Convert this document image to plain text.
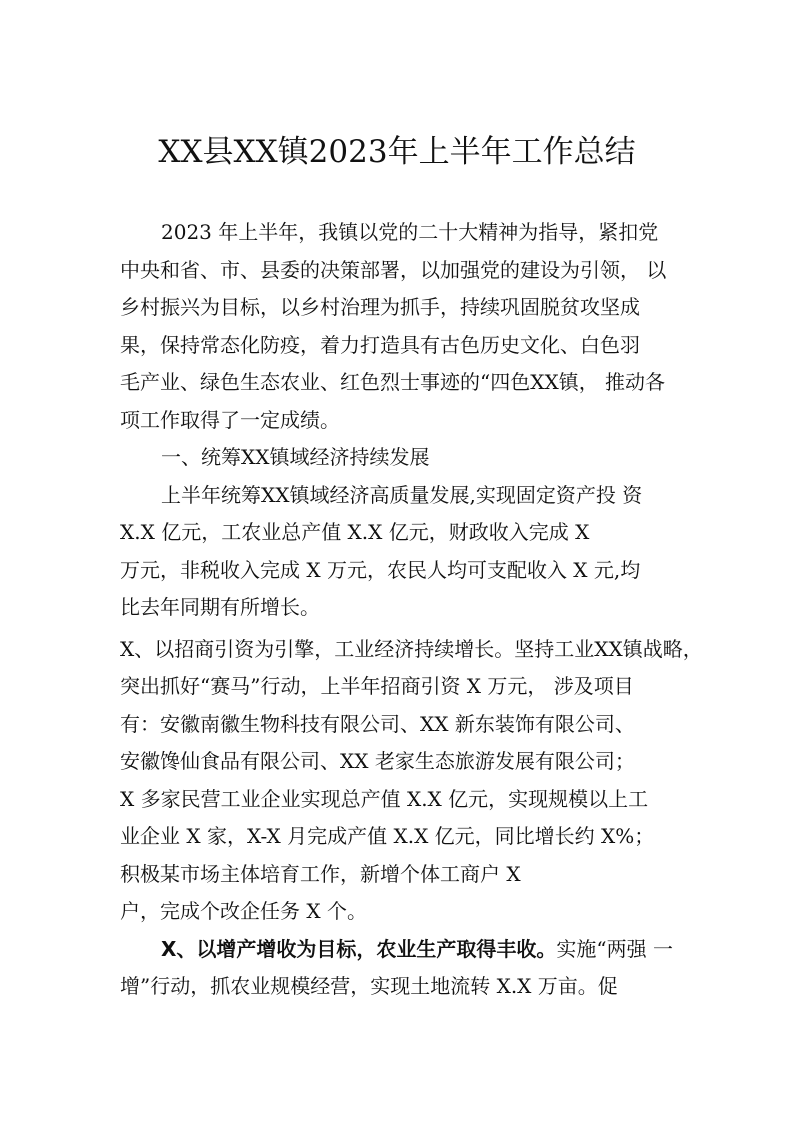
XX县XX镇2023年上半年工作总结
2023 年上半年，我镇以党的二十大精神为指导，紧扣党
中央和省、市、县委的决策部署，以加强党的建设为引领， 以
乡村振兴为目标，以乡村治理为抓手，持续巩固脱贫攻坚成
果，保持常态化防疫，着力打造具有古色历史文化、白色羽
毛产业、绿色生态农业、红色烈士事迹的“四色XX镇， 推动各
项工作取得了一定成绩。
一、统筹XX镇域经济持续发展
上半年统筹XX镇域经济高质量发展,实现固定资产投 资
X.X 亿元，工农业总产值 X.X 亿元，财政收入完成 X
万元，非税收入完成 X 万元，农民人均可支配收入 X 元,均
比去年同期有所增长。
X、以招商引资为引擎，工业经济持续增长。坚持工业XX镇战略，
突出抓好“赛马”行动，上半年招商引资 X 万元， 涉及项目
有：安徽南徽生物科技有限公司、XX 新东装饰有限公司、
安徽馋仙食品有限公司、XX 老家生态旅游发展有限公司；
X 多家民营工业企业实现总产值 X.X 亿元，实现规模以上工
业企业 X 家，X-X 月完成产值 X.X 亿元，同比增长约 X%；
积极某市场主体培育工作，新增个体工商户 X
户，完成个改企任务 X 个。
X、以增产增收为目标，农业生产取得丰收。实施“两强 一
增”行动，抓农业规模经营，实现土地流转 X.X 万亩。促
